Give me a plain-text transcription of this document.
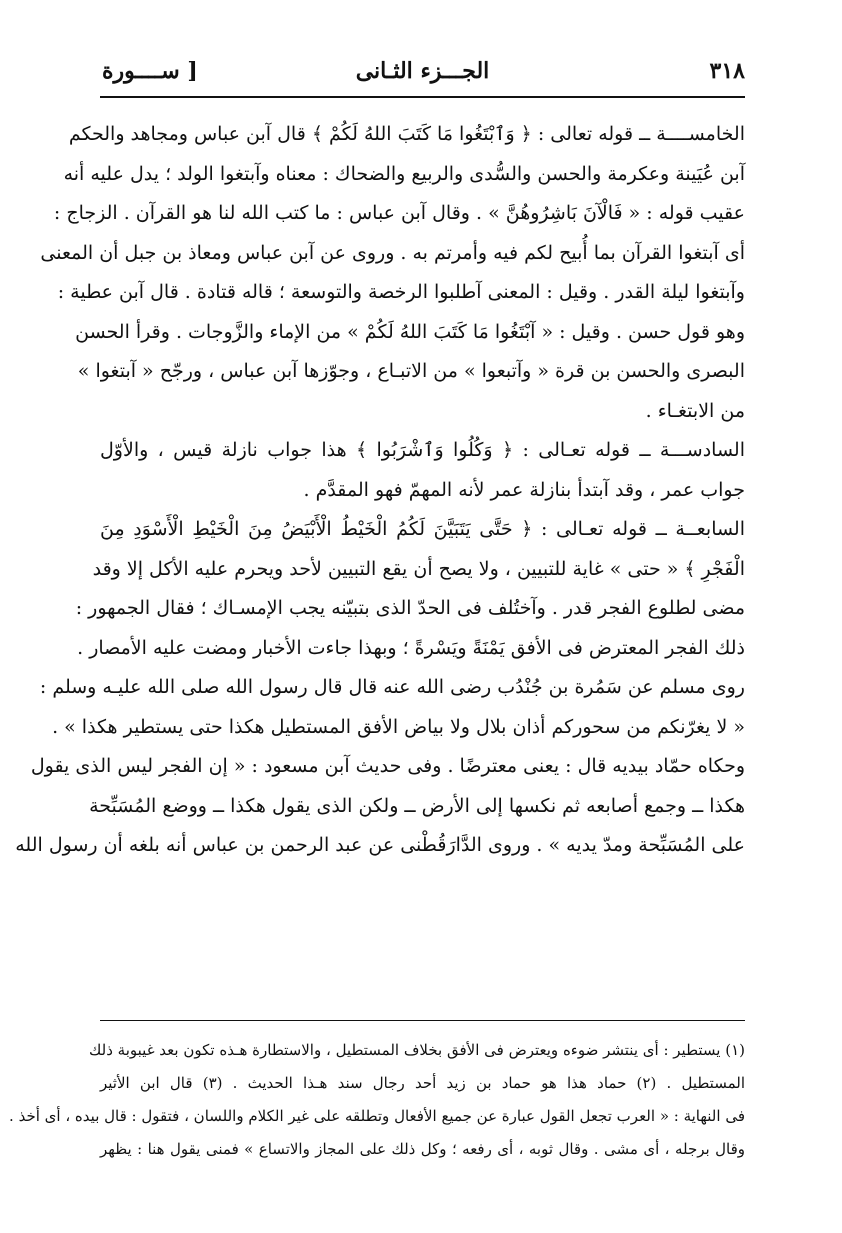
٣١٨
الجـــزء الثـانى
[ ســــورة
الخامســــة ــ قوله تعالى : ﴿ وَٱبْتَغُوا مَا كَتَبَ اللهُ لَكُمْ ﴾ قال آبن عباس ومجاهد والحكم
آبن عُيَينة وعكرمة والحسن والسُّدى والربيع والضحاك : معناه وآبتغوا الولد ؛ يدل عليه أنه
عقيب قوله : « فَالْآنَ بَاشِرُوهُنَّ » . وقال آبن عباس : ما كتب الله لنا هو القرآن . الزجاج :
أى آبتغوا القرآن بما أُبيح لكم فيه وأمرتم به . وروى عن آبن عباس ومعاذ بن جبل أن المعنى
وآبتغوا ليلة القدر . وقيل : المعنى آطلبوا الرخصة والتوسعة ؛ قاله قتادة . قال آبن عطية :
وهو قول حسن . وقيل : « آبْتَغُوا مَا كَتَبَ اللهُ لَكُمْ » من الإماء والزَّوجات . وقرأ الحسن
البصرى والحسن بن قرة « وآتبعوا » من الاتبـاع ، وجوّزها آبن عباس ، ورجّح « آبتغوا »
من الابتغـاء .
السادســـة ــ قوله تعـالى : ﴿ وَكُلُوا وَٱشْرَبُوا ﴾ هذا جواب نازلة قيس ، والأوّل
جواب عمر ، وقد آبتدأ بنازلة عمر لأنه المهمّ فهو المقدَّم .
السابعــة ــ قوله تعـالى : ﴿ حَتَّى يَتَبَيَّنَ لَكُمُ الْخَيْطُ الْأَبْيَضُ مِنَ الْخَيْطِ الْأَسْوَدِ مِنَ
الْفَجْرِ ﴾ « حتى » غاية للتبيين ، ولا يصح أن يقع التبيين لأحد ويحرم عليه الأكل إلا وقد
مضى لطلوع الفجر قدر . وآختُلف فى الحدّ الذى بتبيّنه يجب الإمسـاك ؛ فقال الجمهور :
ذلك الفجر المعترض فى الأفق يَمْنَةً ويَسْرةً ؛ وبهذا جاءت الأخبار ومضت عليه الأمصار .
روى مسلم عن سَمُرة بن جُنْدُب رضى الله عنه قال قال رسول الله صلى الله عليـه وسلم :
« لا يغرّنكم من سحوركم أذان بلال ولا بياض الأفق المستطيل هكذا حتى يستطير هكذا » .
وحكاه حمّاد بيديه قال : يعنى معترضًا . وفى حديث آبن مسعود : « إن الفجر ليس الذى يقول
هكذا ــ وجمع أصابعه ثم نكسها إلى الأرض ــ ولكن الذى يقول هكذا ــ ووضع المُسَبِّحة
على المُسَبِّحة ومدّ يديه » . وروى الدَّارَقُطْنى عن عبد الرحمن بن عباس أنه بلغه أن رسول الله
(١) يستطير : أى ينتشر ضوءه ويعترض فى الأفق بخلاف المستطيل ، والاستطارة هـذه تكون بعد غيبوبة ذلك
المستطيل . (٢) حماد هذا هو حماد بن زيد أحد رجال سند هـذا الحديث . (٣) قال ابن الأثير
فى النهاية : « العرب تجعل القول عبارة عن جميع الأفعال وتطلقه على غير الكلام واللسان ، فتقول : قال بيده ، أى أخذ .
وقال برجله ، أى مشى . وقال ثوبه ، أى رفعه ؛ وكل ذلك على المجاز والاتساع » فمنى يقول هنا : يظهر
